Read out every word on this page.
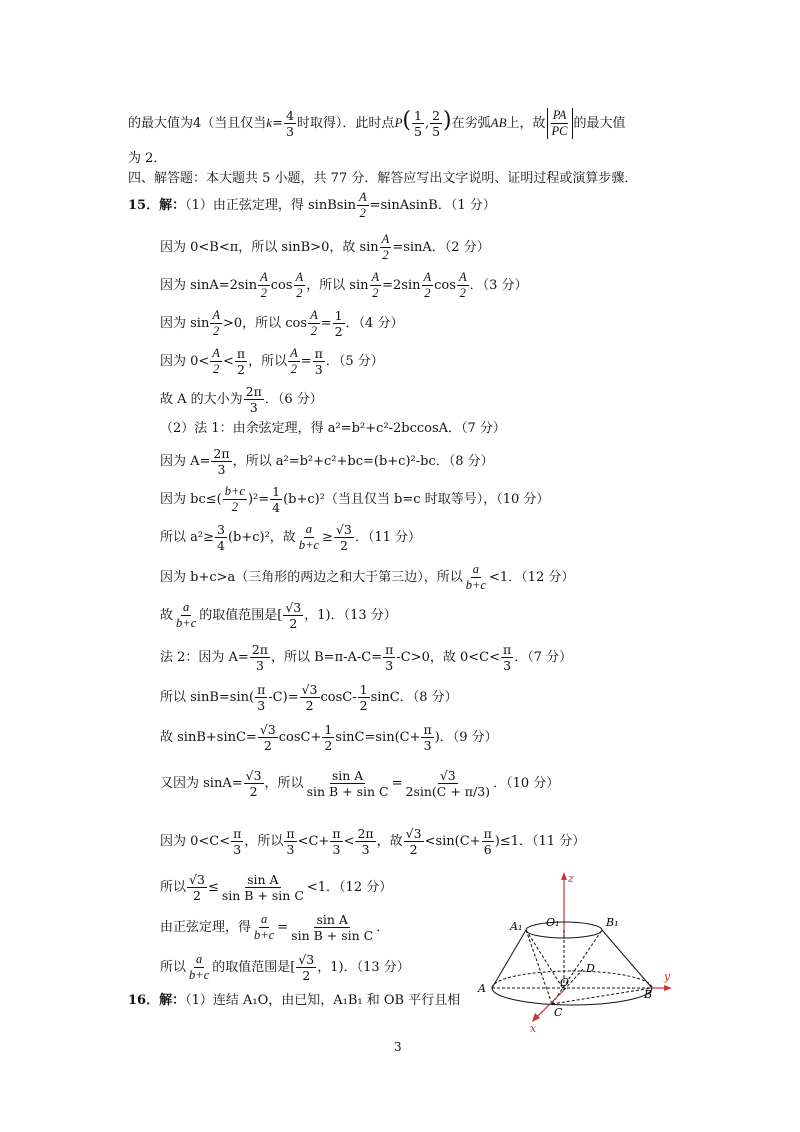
的最大值为4（当且仅当$k= \frac{4}{3}$ 时取得）．此时点$P( \frac{1}{5}$ , $\frac{2}{5}$ )在劣弧AB上，故 $\frac{PA}{PC}$ 的最大值
为 2．
四、解答题：本大题共 5 小题，共 77 分．解答应写出文字说明、证明过程或演算步骤．
15．解：（1）由正弦定理，得 sinBsin $\frac{A}{2}$ =sinAsinB．（1 分）
因为 0<B<π，所以 sinB>0，故 $\sin \frac{A}{2} =\sin A$．（2 分）
因为 $\sin A=2\sin \frac{A}{2}$ $\cos \frac{A}{2}$ ，所以 $\sin \frac{A}{2} =2\sin \frac{A}{2}$ $\cos \frac{A}{2}$ ．（3 分）
因为 $\sin \frac{A}{2} >0$，所以 $\cos \frac{A}{2} = \frac{1}{2}$ ．（4 分）
因为 $0< \frac{A}{2} < \frac{\pi}{2}$ ，所以 $\frac{A}{2} = \frac{\pi}{3}$ ．（5 分）
故 A 的大小为 $\frac{2\pi}{3}$ ．（6 分）
（2）法 1：由余弦定理，得 a²=b²+c²-2bccosA．（7 分）
因为 $A= \frac{2\pi}{3}$ ，所以 a²=b²+c²+bc=(b+c)²-bc．（8 分）
因为 $bc\le( \frac{b+c}{2} )^2= \frac{1}{4} (b+c)^2$（当且仅当 b=c 时取等号），（10 分）
所以 $a^2\ge \frac{3}{4} (b+c)^2$，故 $\frac{a}{b+c} \ge \frac{√3}{2}$ ．（11 分）
因为 b+c>a（三角形的两边之和大于第三边），所以 $\frac{a}{b+c} <1$．（12 分）
故 $\frac{a}{b+c}$ 的取值范围是[ $\frac{√3}{2}$ ，1)．（13 分）
法 2：因为 $A= \frac{2\pi}{3}$ ，所以 $B=\pi-A-C= \frac{\pi}{3} -C>0$，故 $0<C< \frac{\pi}{3}$ ．（7 分）
所以 $\sin B=\sin( \frac{\pi}{3} -C)= \frac{√3}{2} \cos C- \frac{1}{2}$ sinC．（8 分）
故 $\sin B+\sin C= \frac{√3}{2} \cos C+ \frac{1}{2} \sin C=\sin(C+ \frac{\pi}{3}$ )．（9 分）
又因为 $\sin A= \frac{√3}{2}$ ，所以 $\frac{\text{sin A}}{\text{sin B + sin C}} = \frac{√3}{2\sin(C + \pi/3)}$ ．（10 分）
因为 $0<C< \frac{\pi}{3}$ ，所以 $\frac{\pi}{3} <C+ \frac{\pi}{3} < \frac{2\pi}{3}$ ，故 $\frac{√3}{2} <\sin(C+ \frac{\pi}{6} )\le 1$．（11 分）
所以 $\frac{√3}{2} \le \frac{\text{sin A}}{\text{sin B + sin C}} <1$．（12 分）
由正弦定理，得 $\frac{a}{b+c} = \frac{\text{sin A}}{\text{sin B + sin C}}$ ．
所以 $\frac{a}{b+c}$ 的取值范围是[ $\frac{√3}{2}$ ，1)．（13 分）
16．解：（1）连结 A₁O，由已知，A₁B₁ 和 OB 平行且相
z
y
x
A₁ O₁	B₁
D
A	O
B
C
3
